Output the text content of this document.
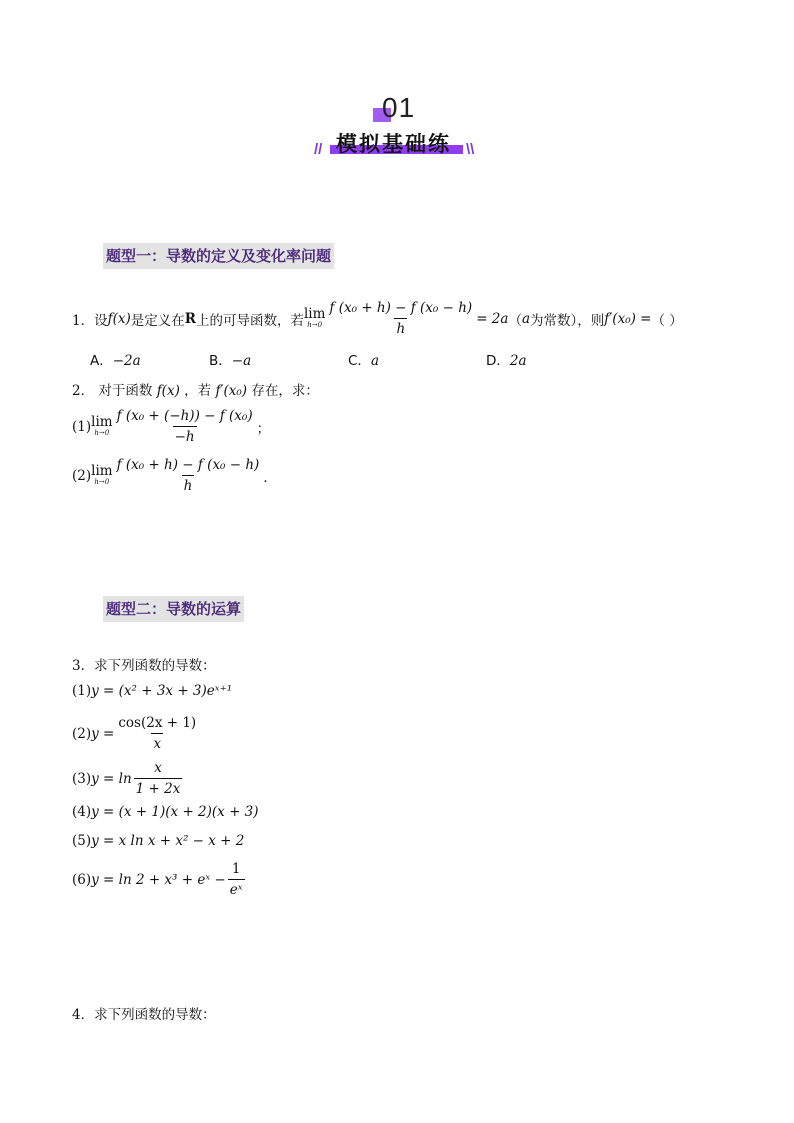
01
// 模拟基础练 \\
题型一：导数的定义及变化率问题
1． 设 f(x) 是定义在 R 上的可导函数，若 lim
$h\to 0 \frac{\text{f (x₀ + h) − f (x₀ − h)}}{h} = 2a$ （ a 为常数），则 f′(x₀) = （ ）
A．−2a	B．−a	C．a	D．2a
2． 对于函数 f(x) ，若 f′(x₀) 存在，求：
(1) lim
$h\to 0 \frac{\text{f (x₀ + (−h)) − f (x₀)}}{-h}$ ；
(2) lim
$h\to 0 \frac{\text{f (x₀ + h) − f (x₀ − h)}}{h}$ ．
题型二：导数的运算
3．求下列函数的导数：
(1)y = (x² + 3x + 3)eˣ⁺¹
(2) $y = \frac{\cos(2x + 1)}{x}$
(3) $y = \ln \frac{x}{1 + 2x}$
(4)y = (x + 1)(x + 2)(x + 3)
(5)y = x ln x + x² − x + 2
(6) y = ln 2 + x³ + eˣ − $\frac{1}{\text{eˣ}}$
4．求下列函数的导数：
